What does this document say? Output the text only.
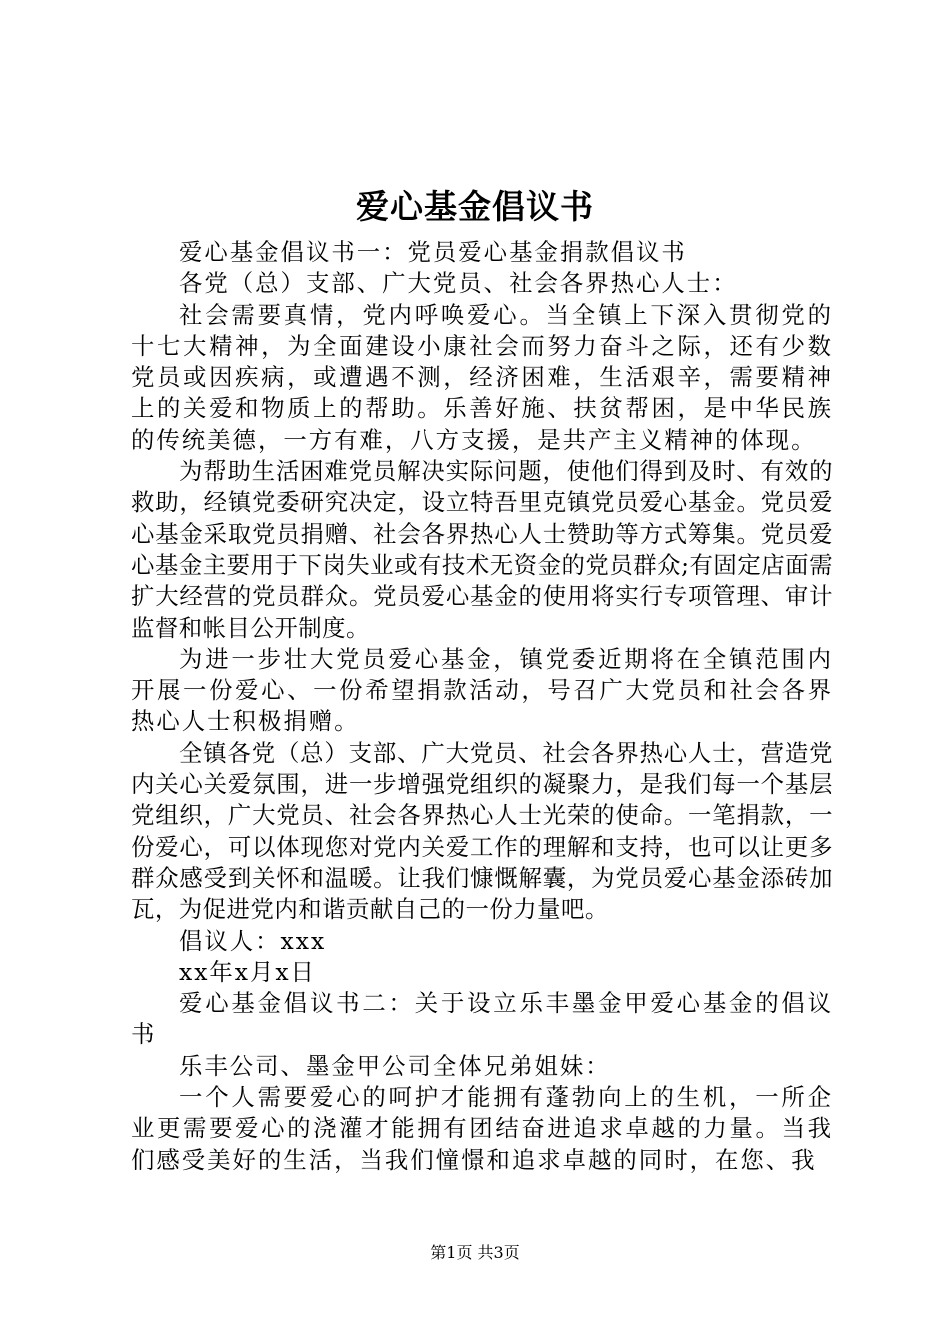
爱心基金倡议书

爱心基金倡议书一：党员爱心基金捐款倡议书

各党（总）支部、广大党员、社会各界热心人士：

社会需要真情，党内呼唤爱心。当全镇上下深入贯彻党的十七大精神，为全面建设小康社会而努力奋斗之际，还有少数党员或因疾病，或遭遇不测，经济困难，生活艰辛，需要精神上的关爱和物质上的帮助。乐善好施、扶贫帮困，是中华民族的传统美德，一方有难，八方支援，是共产主义精神的体现。

为帮助生活困难党员解决实际问题，使他们得到及时、有效的救助，经镇党委研究决定，设立特吾里克镇党员爱心基金。党员爱心基金采取党员捐赠、社会各界热心人士赞助等方式筹集。党员爱心基金主要用于下岗失业或有技术无资金的党员群众;有固定店面需扩大经营的党员群众。党员爱心基金的使用将实行专项管理、审计监督和帐目公开制度。

为进一步壮大党员爱心基金，镇党委近期将在全镇范围内开展一份爱心、一份希望捐款活动，号召广大党员和社会各界热心人士积极捐赠。

全镇各党（总）支部、广大党员、社会各界热心人士，营造党内关心关爱氛围，进一步增强党组织的凝聚力，是我们每一个基层党组织，广大党员、社会各界热心人士光荣的使命。一笔捐款，一份爱心，可以体现您对党内关爱工作的理解和支持，也可以让更多群众感受到关怀和温暖。让我们慷慨解囊，为党员爱心基金添砖加瓦，为促进党内和谐贡献自己的一份力量吧。

倡议人：xxx

xx年x月x日

爱心基金倡议书二：关于设立乐丰墨金甲爱心基金的倡议书

乐丰公司、墨金甲公司全体兄弟姐妹：

一个人需要爱心的呵护才能拥有蓬勃向上的生机，一所企业更需要爱心的浇灌才能拥有团结奋进追求卓越的力量。当我们感受美好的生活，当我们憧憬和追求卓越的同时，在您、我

第1页 共3页
